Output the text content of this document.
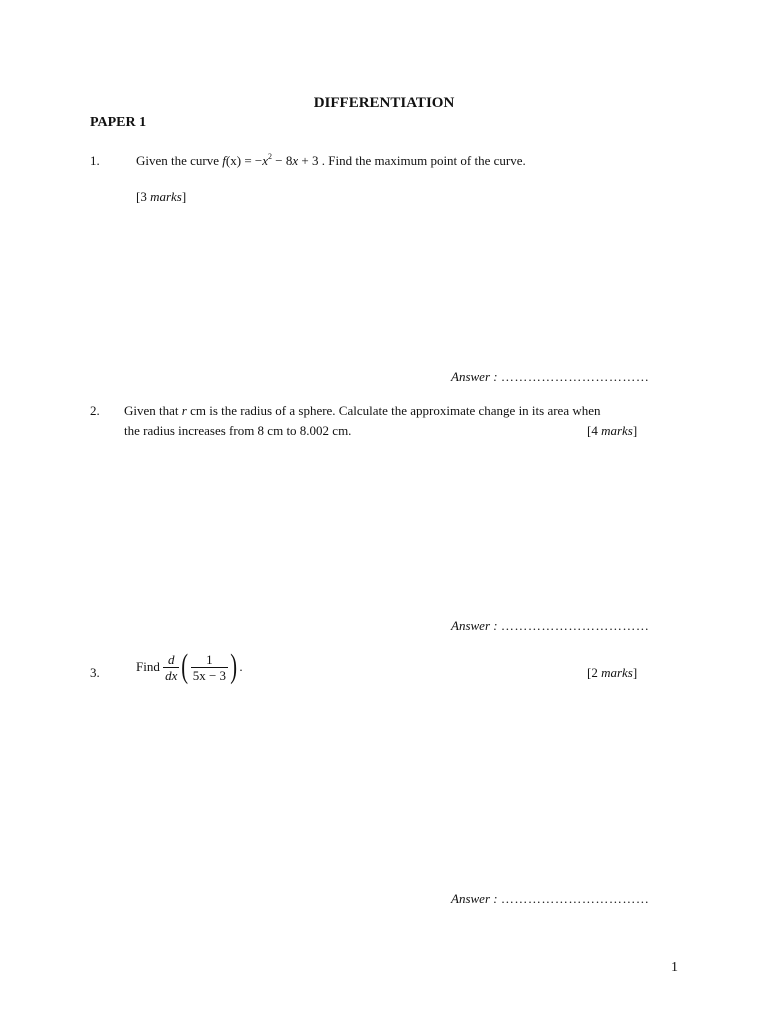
DIFFERENTIATION
PAPER 1
1.	Given the curve $f(x) = -x^2 - 8x + 3$ . Find the maximum point of the curve.
[3 marks]
Answer : ……………………………
2. Given that r cm is the radius of a sphere. Calculate the approximate change in its area when
the radius increases from 8 cm to 8.002 cm.	[4 marks]
Answer : ……………………………
3.	Find $\frac{d}{dx}$ ( $\frac{1}{5x - 3}$ ) .	[2 marks]
Answer : ……………………………
1
